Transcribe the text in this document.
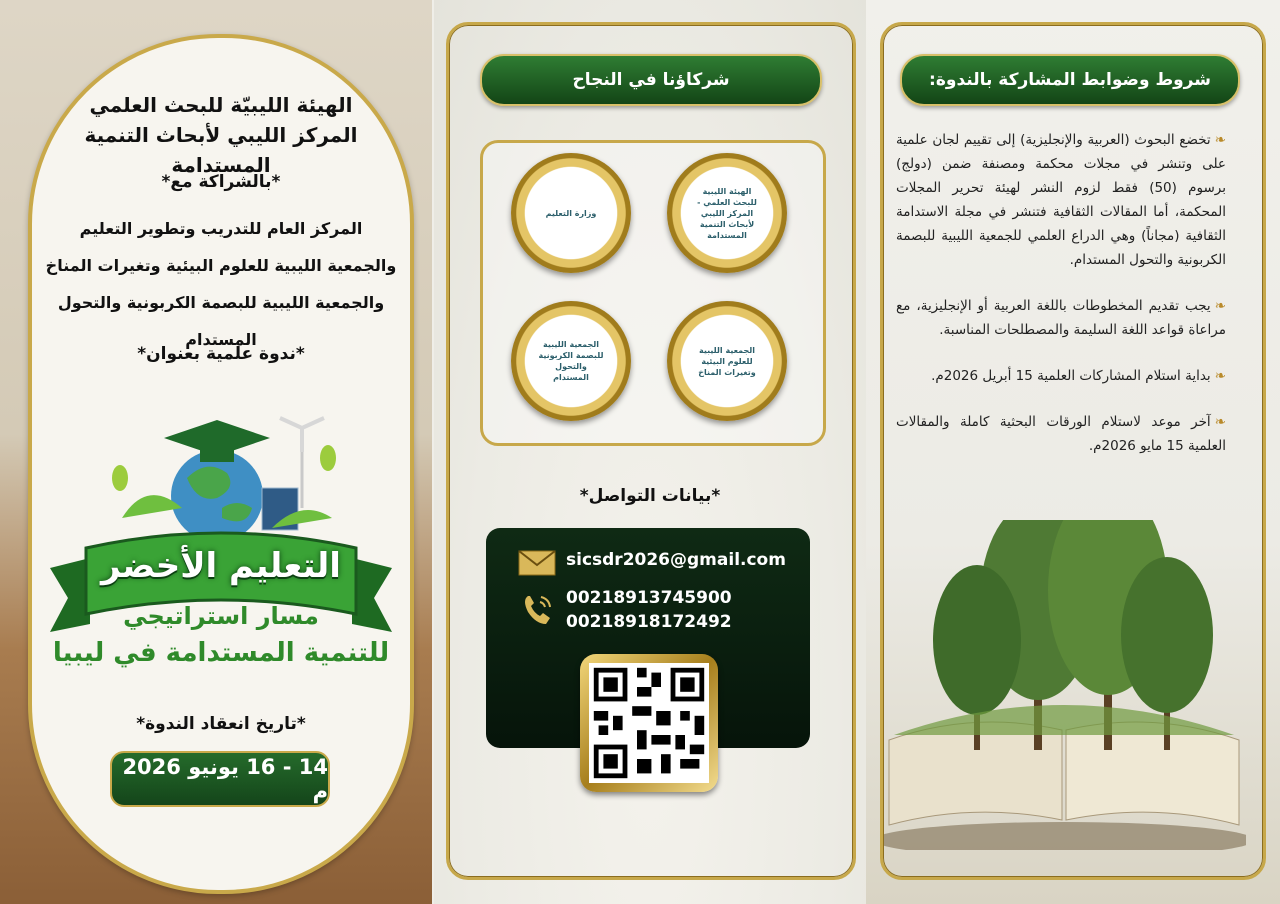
الهيئة الليبيّة للبحث العلمي
المركز الليبي لأبحاث التنمية المستدامة
*بالشراكة مع*
المركز العام للتدريب وتطوير التعليم
والجمعية الليبية للعلوم البيئية وتغيرات المناخ
والجمعية الليبية للبصمة الكربونية والتحول المستدام
*ندوة علمية بعنوان*
التعليم الأخضر
مسار استراتيجي
للتنمية المستدامة في ليبيا
*تاريخ انعقاد الندوة*
14 - 16 يونيو 2026 م
شركاؤنا في النجاح
الهيئة الليبية للبحث العلمي - المركز الليبي لأبحاث التنمية المستدامة
وزارة التعليم
الجمعية الليبية للعلوم البيئية وتغيرات المناخ
الجمعية الليبية للبصمة الكربونية والتحول المستدام
*بيانات التواصل*
sicsdr2026@gmail.com
00218913745900
00218918172492
شروط وضوابط المشاركة بالندوة:
❧تخضع البحوث (العربية والإنجليزية) إلى تقييم لجان علمية على وتنشر في مجلات محكمة ومصنفة ضمن (دولج) برسوم (50) فقط لزوم النشر لهيئة تحرير المجلات المحكمة، أما المقالات الثقافية فتنشر في مجلة الاستدامة الثقافية (مجاناً) وهي الدراع العلمي للجمعية الليبية للبصمة الكربونية والتحول المستدام.
❧يجب تقديم المخطوطات باللغة العربية أو الإنجليزية، مع مراعاة قواعد اللغة السليمة والمصطلحات المناسبة.
❧بداية استلام المشاركات العلمية 15 أبريل 2026م.
❧آخر موعد لاستلام الورقات البحثية كاملة والمقالات العلمية 15 مايو 2026م.
